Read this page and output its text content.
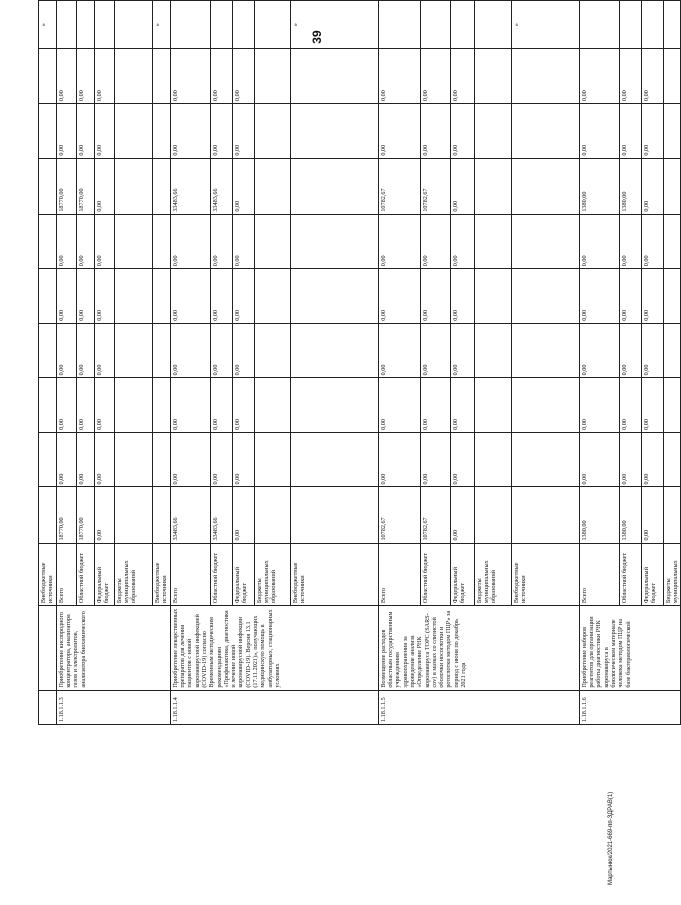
39
		Внебюджетные источники										»
1.18.1.1.3	Приобретение кислородного концентратора, анализатора газов и электролитов, анализатора биохимического	Всего	18770,00	0,00	0,00	0,00	0,00	0,00	18770,00	0,00	0,00	
		Областной бюджет	18770,00	0,00	0,00	0,00	0,00	0,00	18770,00	0,00	0,00	
		Федеральный бюджет	0,00	0,00	0,00	0,00	0,00	0,00	0,00	0,00	0,00	
		Бюджеты муниципальных образований										
		Внебюджетные источники										»
1.18.1.1.4	Приобретение лекарственных препаратов для лечения пациентов с новой коронавирусной инфекцией (COVID-19) согласно Временным методическим рекомендациям «Профилактика, диагностика и лечение новой коронавирусной инфекции (COVID-19). Версия 13.1 (17.11.2021)», получающих медицинскую помощь в амбулаторных, стационарных условиях	Всего	33483,66	0,00	0,00	0,00	0,00	0,00	33483,66	0,00	0,00	
		Областной бюджет	33483,66	0,00	0,00	0,00	0,00	0,00	33483,66	0,00	0,00	
		Федеральный бюджет	0,00	0,00	0,00	0,00	0,00	0,00	0,00	0,00	0,00	
		Бюджеты муниципальных образований										
		Внебюджетные источники										»
1.18.1.1.5	Возмещение расходов областным государственным учреждениям здравоохранения за проведение анализа «Определение РНК коронавируса ТОРС (SARS-cov) в мазках со слизистой оболочки носоглотки и ротоглотки методом ПЦР» за период с июня по декабрь 2021 года	Всего	10782,67	0,00	0,00	0,00	0,00	0,00	10782,67	0,00	0,00	
		Областной бюджет	10782,67	0,00	0,00	0,00	0,00	0,00	10782,67	0,00	0,00	
		Федеральный бюджет	0,00	0,00	0,00	0,00	0,00	0,00	0,00	0,00	0,00	
		Бюджеты муниципальных образований										
		Внебюджетные источники										»
1.18.1.1.6	Приобретение наборов реагентов для организации работы диагностики РНК коронавируса в биологическом материале человека методом ПЦР на базе бактериологической	Всего	1380,00	0,00	0,00	0,00	0,00	0,00	1380,00	0,00	0,00	
		Областной бюджет	1380,00	0,00	0,00	0,00	0,00	0,00	1380,00	0,00	0,00	
		Федеральный бюджет	0,00	0,00	0,00	0,00	0,00	0,00	0,00	0,00	0,00	
		Бюджеты муниципальных										
Мартынюк/2021-669-пп-ЗДРАВ(1)
